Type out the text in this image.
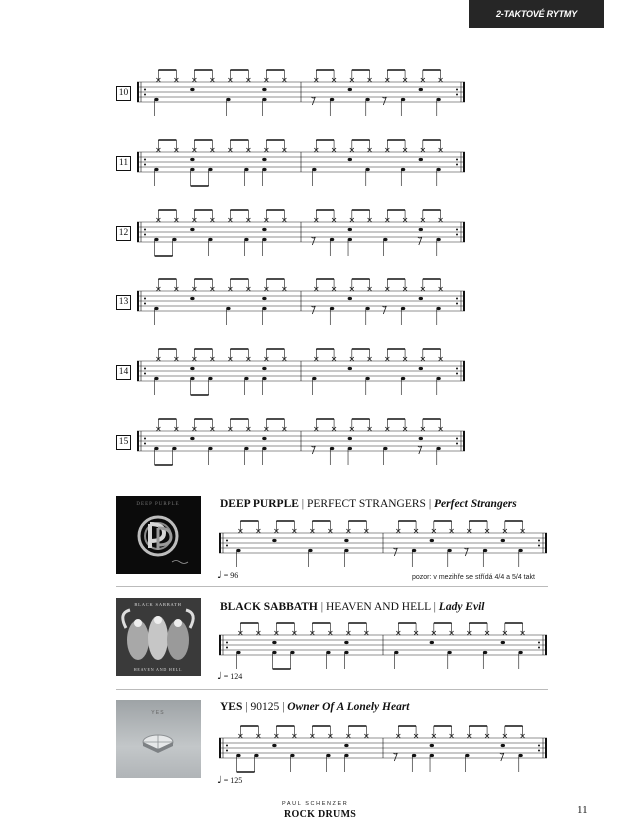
2-TAKTOVÉ RYTMY
10
11
12
13
14
15
DEEP PURPLE	DEEP PURPLE | PERFECT STRANGERS | Perfect Strangers
♩ = 96	pozor: v mezihře se střídá 4/4 a 5/4 takt
BLACK SABBATH
HEAVEN AND HELL
BLACK SABBATH | HEAVEN AND HELL | Lady Evil
♩ = 124
YES	YES | 90125 | Owner Of A Lonely Heart
♩ = 125
PAUL SCHENZER
ROCK DRUMS	11
